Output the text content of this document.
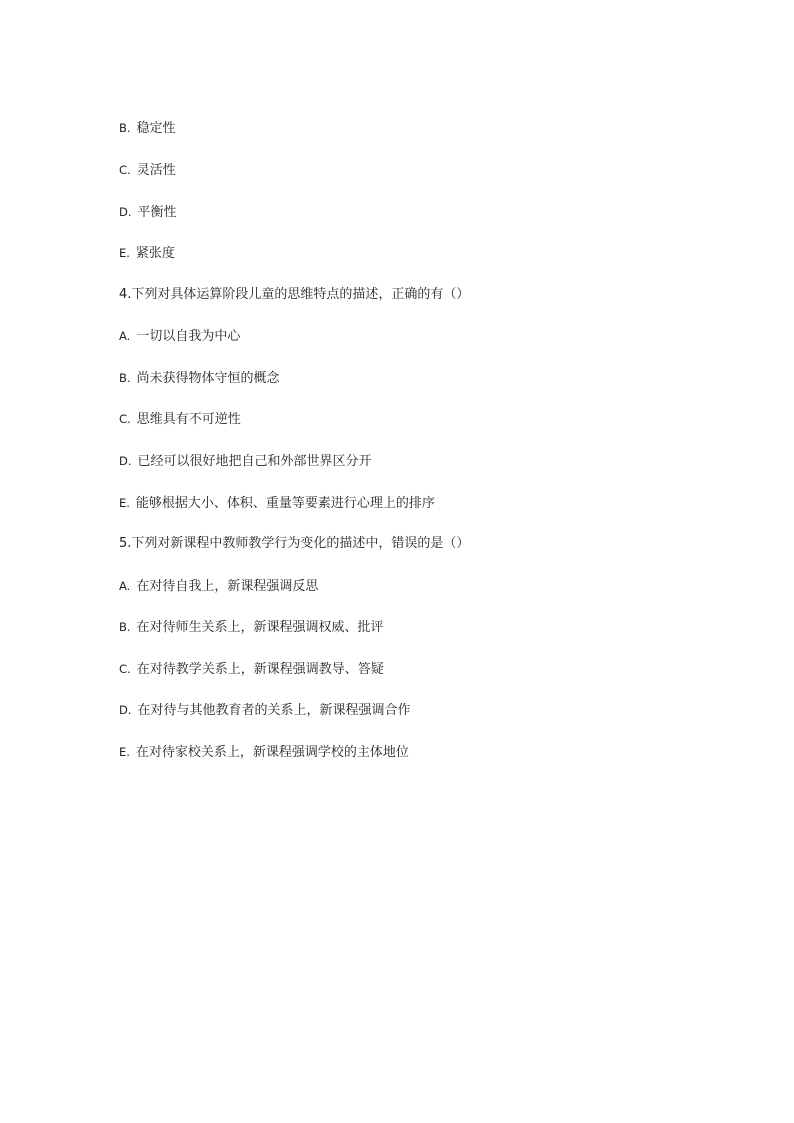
B. 稳定性
C. 灵活性
D. 平衡性
E. 紧张度
4.下列对具体运算阶段儿童的思维特点的描述，正确的有（）
A. 一切以自我为中心
B. 尚未获得物体守恒的概念
C. 思维具有不可逆性
D. 已经可以很好地把自己和外部世界区分开
E. 能够根据大小、体积、重量等要素进行心理上的排序
5.下列对新课程中教师教学行为变化的描述中，错误的是（）
A. 在对待自我上，新课程强调反思
B. 在对待师生关系上，新课程强调权威、批评
C. 在对待教学关系上，新课程强调教导、答疑
D. 在对待与其他教育者的关系上，新课程强调合作
E. 在对待家校关系上，新课程强调学校的主体地位
